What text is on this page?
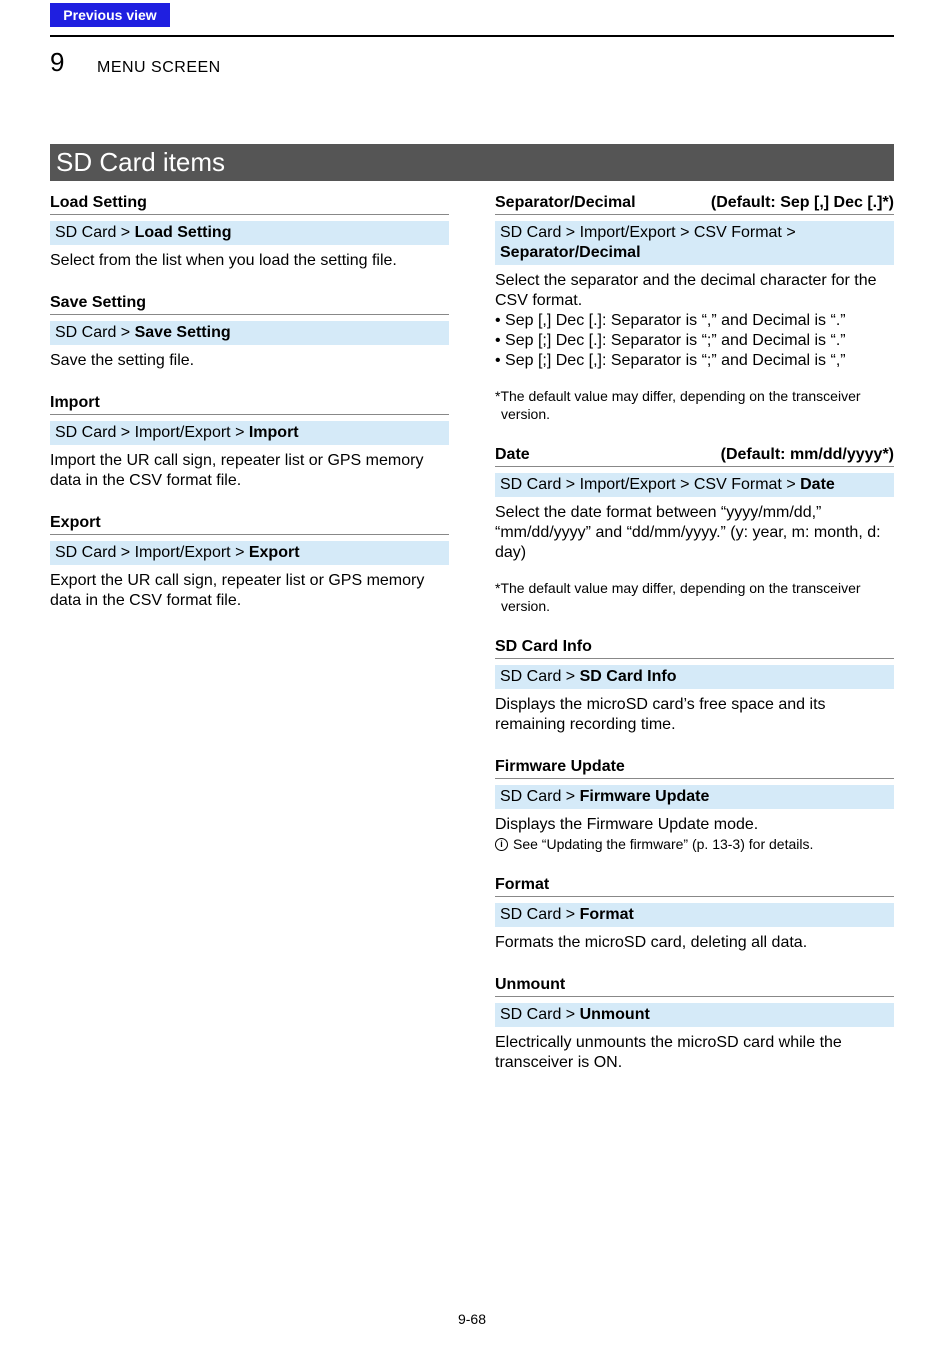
Previous view
9 MENU SCREEN
SD Card items
Load Setting
SD Card > Load Setting
Select from the list when you load the setting file.
Save Setting
SD Card > Save Setting
Save the setting file.
Import
SD Card > Import/Export > Import
Import the UR call sign, repeater list or GPS memory data in the CSV format file.
Export
SD Card > Import/Export > Export
Export the UR call sign, repeater list or GPS memory data in the CSV format file.
Separator/Decimal	(Default: Sep [,] Dec [.]*)
SD Card > Import/Export > CSV Format > Separator/Decimal
Select the separator and the decimal character for the CSV format.
• Sep [,] Dec [.]: Separator is “,” and Decimal is “.”
• Sep [;] Dec [.]: Separator is “;” and Decimal is “.”
• Sep [;] Dec [,]: Separator is “;” and Decimal is “,”
*The default value may differ, depending on the transceiver
version.
Date	(Default: mm/dd/yyyy*)
SD Card > Import/Export > CSV Format > Date
Select the date format between “yyyy/mm/dd,” “mm/dd/yyyy” and “dd/mm/yyyy.” (y: year, m: month, d: day)
*The default value may differ, depending on the transceiver
version.
SD Card Info
SD Card > SD Card Info
Displays the microSD card’s free space and its remaining recording time.
Firmware Update
SD Card > Firmware Update
Displays the Firmware Update mode.
i See “Updating the firmware” (p. 13-3) for details.
Format
SD Card > Format
Formats the microSD card, deleting all data.
Unmount
SD Card > Unmount
Electrically unmounts the microSD card while the transceiver is ON.
9-68
